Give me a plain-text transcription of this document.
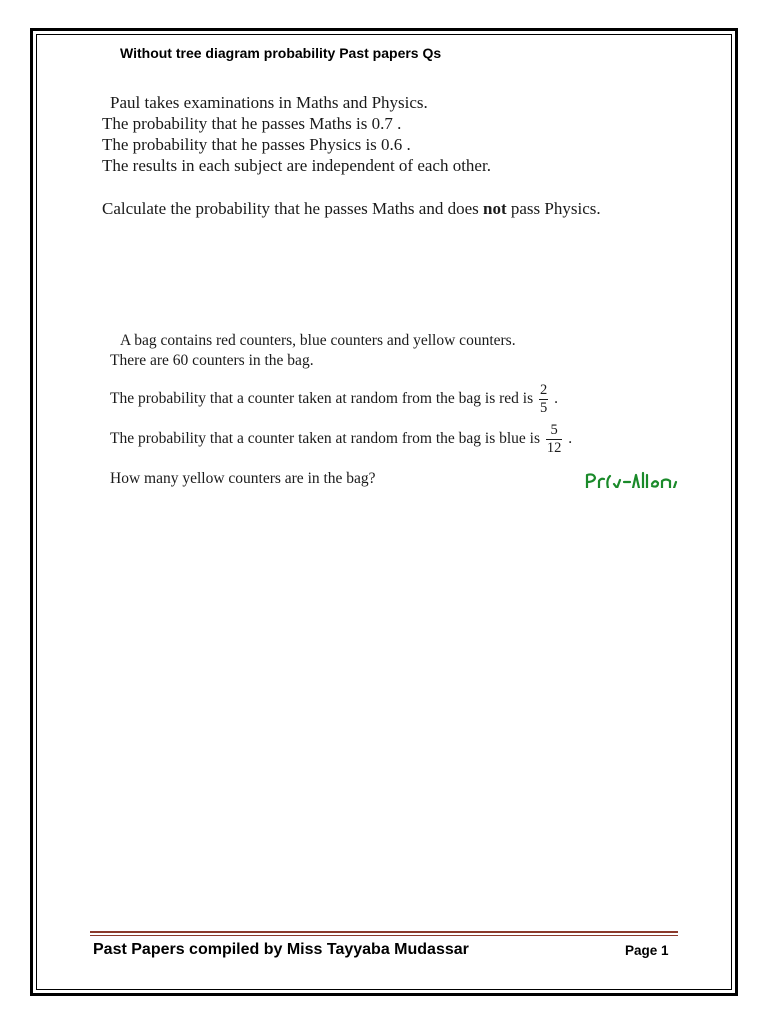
Without tree diagram probability Past papers Qs
Paul takes examinations in Maths and Physics.
The probability that he passes Maths is 0.7 .
The probability that he passes Physics is 0.6 .
The results in each subject are independent of each other.
Calculate the probability that he passes Maths and does not pass Physics.
A bag contains red counters, blue counters and yellow counters.
There are 60 counters in the bag.
The probability that a counter taken at random from the bag is red is $\frac{2}{5}$ .
The probability that a counter taken at random from the bag is blue is $\frac{5}{12}$ .
How many yellow counters are in the bag?
Past Papers compiled by Miss Tayyaba Mudassar	Page 1
